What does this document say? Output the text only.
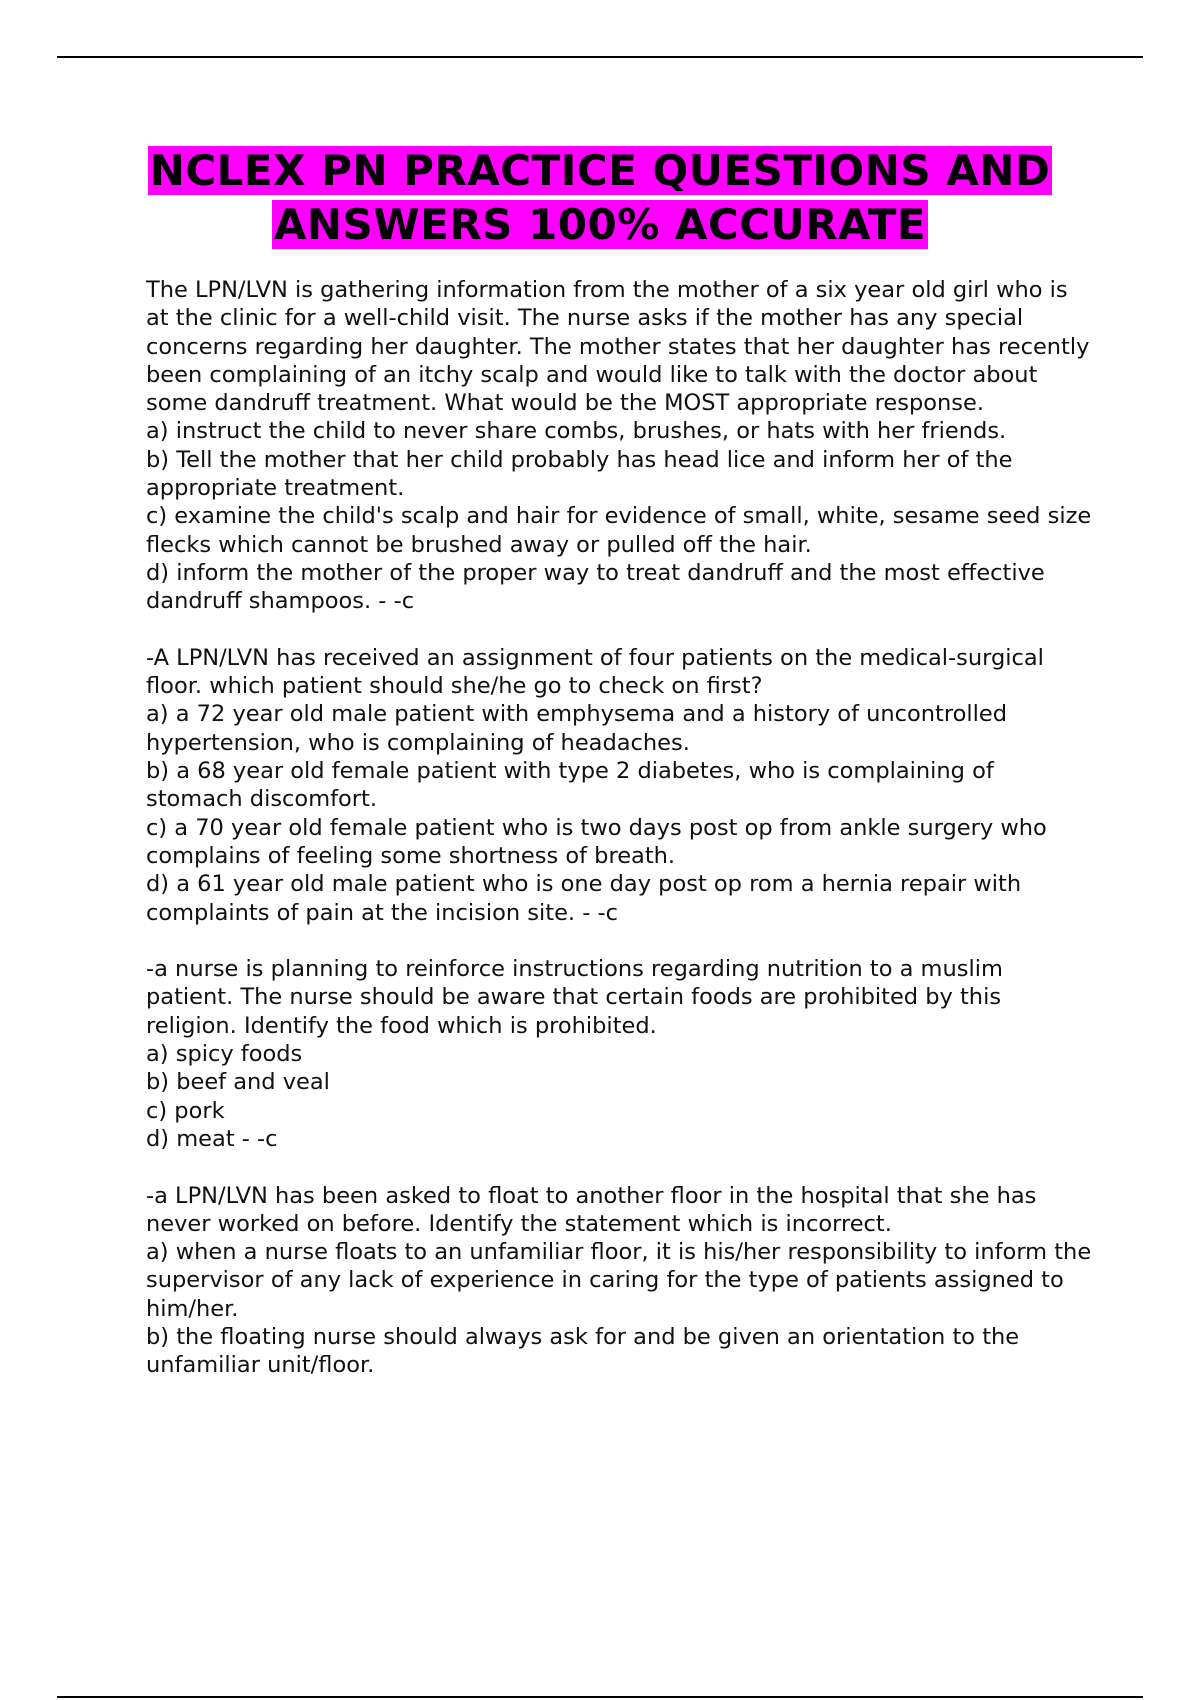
NCLEX PN PRACTICE QUESTIONS AND ANSWERS 100% ACCURATE

The LPN/LVN is gathering information from the mother of a six year old girl who is at the clinic for a well-child visit. The nurse asks if the mother has any special concerns regarding her daughter. The mother states that her daughter has recently been complaining of an itchy scalp and would like to talk with the doctor about some dandruff treatment. What would be the MOST appropriate response.

a) instruct the child to never share combs, brushes, or hats with her friends.

b) Tell the mother that her child probably has head lice and inform her of the appropriate treatment.

c) examine the child's scalp and hair for evidence of small, white, sesame seed size flecks which cannot be brushed away or pulled off the hair.

d) inform the mother of the proper way to treat dandruff and the most effective dandruff shampoos. - -c

-A LPN/LVN has received an assignment of four patients on the medical-surgical floor. which patient should she/he go to check on first?

a) a 72 year old male patient with emphysema and a history of uncontrolled hypertension, who is complaining of headaches.

b) a 68 year old female patient with type 2 diabetes, who is complaining of stomach discomfort.

c) a 70 year old female patient who is two days post op from ankle surgery who complains of feeling some shortness of breath.

d) a 61 year old male patient who is one day post op rom a hernia repair with complaints of pain at the incision site. - -c

-a nurse is planning to reinforce instructions regarding nutrition to a muslim patient. The nurse should be aware that certain foods are prohibited by this religion. Identify the food which is prohibited.

a) spicy foods

b) beef and veal

c) pork

d) meat - -c

-a LPN/LVN has been asked to float to another floor in the hospital that she has never worked on before. Identify the statement which is incorrect.

a) when a nurse floats to an unfamiliar floor, it is his/her responsibility to inform the supervisor of any lack of experience in caring for the type of patients assigned to him/her.

b) the floating nurse should always ask for and be given an orientation to the unfamiliar unit/floor.
